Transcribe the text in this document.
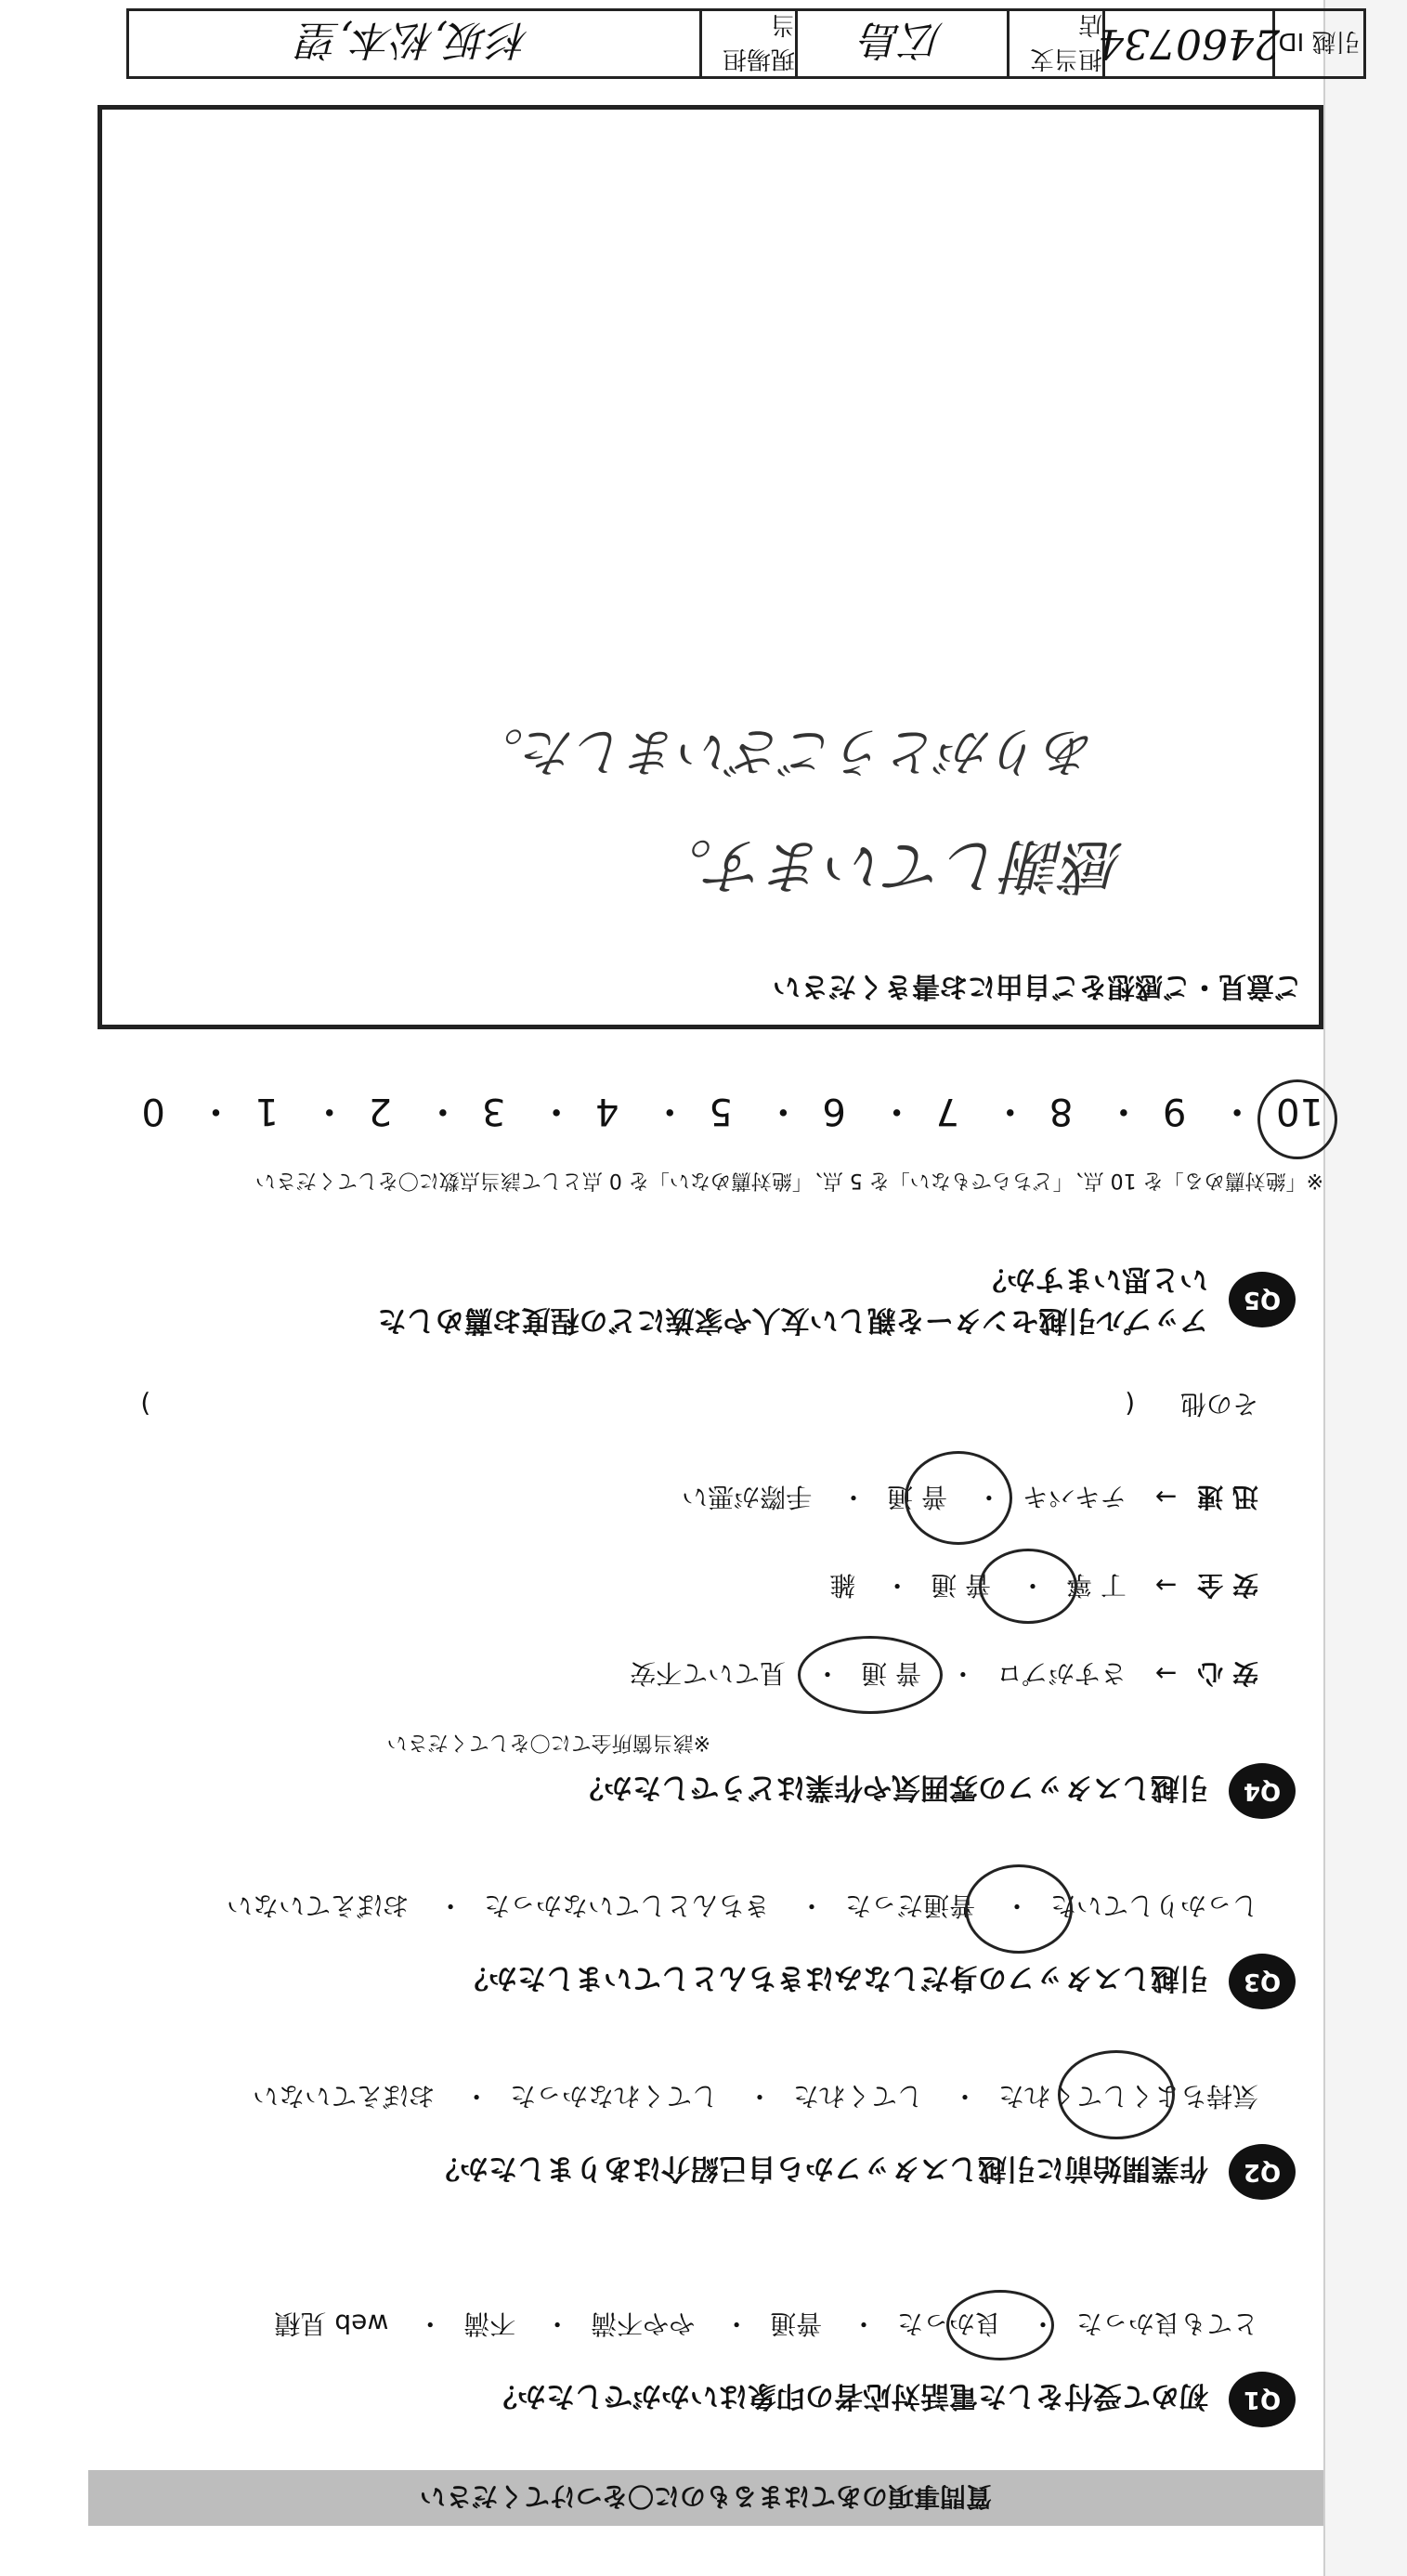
質問事項のあてはまるものに〇をつけてください
Q1
初めて受付をした電話対応者の印象はいかがでしたか？
とても良かった・ 良かった・ 普通・ やや不満・ 不満・ web 見積
Q2
作業開始前に引越しスタッフから自己紹介はありましたか？
気持ちよくしてくれた・ してくれた・ してくれなかった・ おぼえていない
Q3
引越しスタッフの身だしなみはきちんとしていましたか？
しっかりしていた・ 普通だった・ きちんとしていなかった・ おぼえていない
Q4
引越しスタッフの雰囲気や作業はどうでしたか？
※該当箇所全てに〇をしてください
安 心→ さすがプロ・ 普 通・ 見ていて不安
安 全→ 丁 寧・ 普 通・ 雑
迅 速→ テキパキ・ 普 通・ 手際が悪い
その他 ( )
Q5
アップル引越センターを親しい友人や家族にどの程度お薦めしたいと思いますか？
※「絶対薦める」を 10 点、「どちらでもない」を 5 点、「絶対薦めない」を 0 点として該当点数に〇をしてください
10・ 9・ 8・ 7・ 6・ 5・ 4・ 3・ 2・ 1・ 0
ご意見・ご感想をご自由にお書きください
感謝しています。
ありがとうございました。
引越 ID
2460734
担当支店
広島
現場担当
杉坂,松本,望
